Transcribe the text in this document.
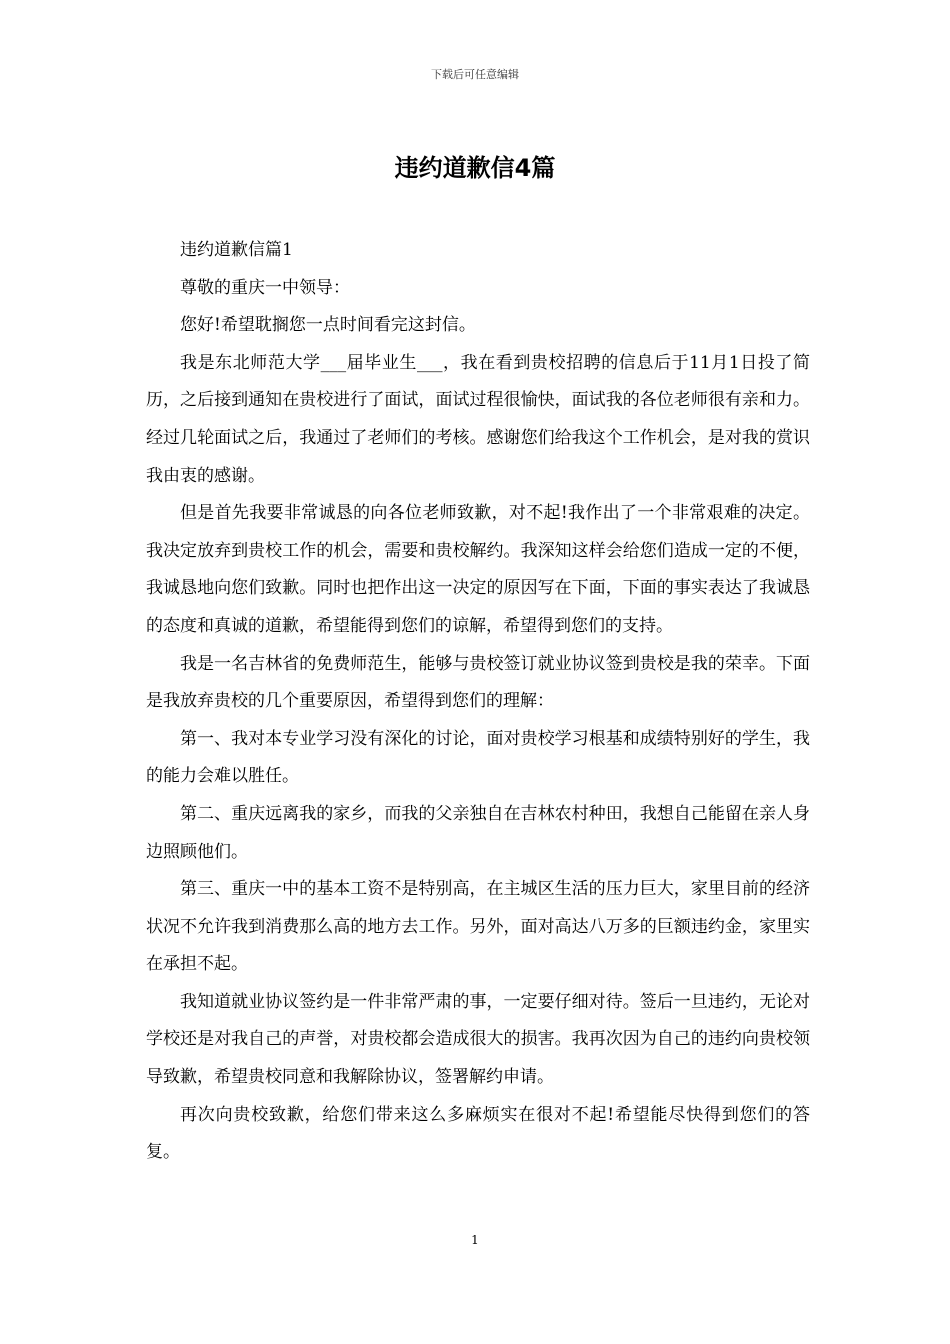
下载后可任意编辑
违约道歉信4篇

违约道歉信篇1

尊敬的重庆一中领导：

您好!希望耽搁您一点时间看完这封信。

我是东北师范大学___届毕业生___，我在看到贵校招聘的信息后于11月1日投了简历，之后接到通知在贵校进行了面试，面试过程很愉快，面试我的各位老师很有亲和力。经过几轮面试之后，我通过了老师们的考核。感谢您们给我这个工作机会，是对我的赏识我由衷的感谢。

但是首先我要非常诚恳的向各位老师致歉，对不起!我作出了一个非常艰难的决定。我决定放弃到贵校工作的机会，需要和贵校解约。我深知这样会给您们造成一定的不便，我诚恳地向您们致歉。同时也把作出这一决定的原因写在下面，下面的事实表达了我诚恳的态度和真诚的道歉，希望能得到您们的谅解，希望得到您们的支持。

我是一名吉林省的免费师范生，能够与贵校签订就业协议签到贵校是我的荣幸。下面是我放弃贵校的几个重要原因，希望得到您们的理解：

第一、我对本专业学习没有深化的讨论，面对贵校学习根基和成绩特别好的学生，我的能力会难以胜任。

第二、重庆远离我的家乡，而我的父亲独自在吉林农村种田，我想自己能留在亲人身边照顾他们。

第三、重庆一中的基本工资不是特别高，在主城区生活的压力巨大，家里目前的经济状况不允许我到消费那么高的地方去工作。另外，面对高达八万多的巨额违约金，家里实在承担不起。

我知道就业协议签约是一件非常严肃的事，一定要仔细对待。签后一旦违约，无论对学校还是对我自己的声誉，对贵校都会造成很大的损害。我再次因为自己的违约向贵校领导致歉，希望贵校同意和我解除协议，签署解约申请。

再次向贵校致歉，给您们带来这么多麻烦实在很对不起!希望能尽快得到您们的答复。

1
